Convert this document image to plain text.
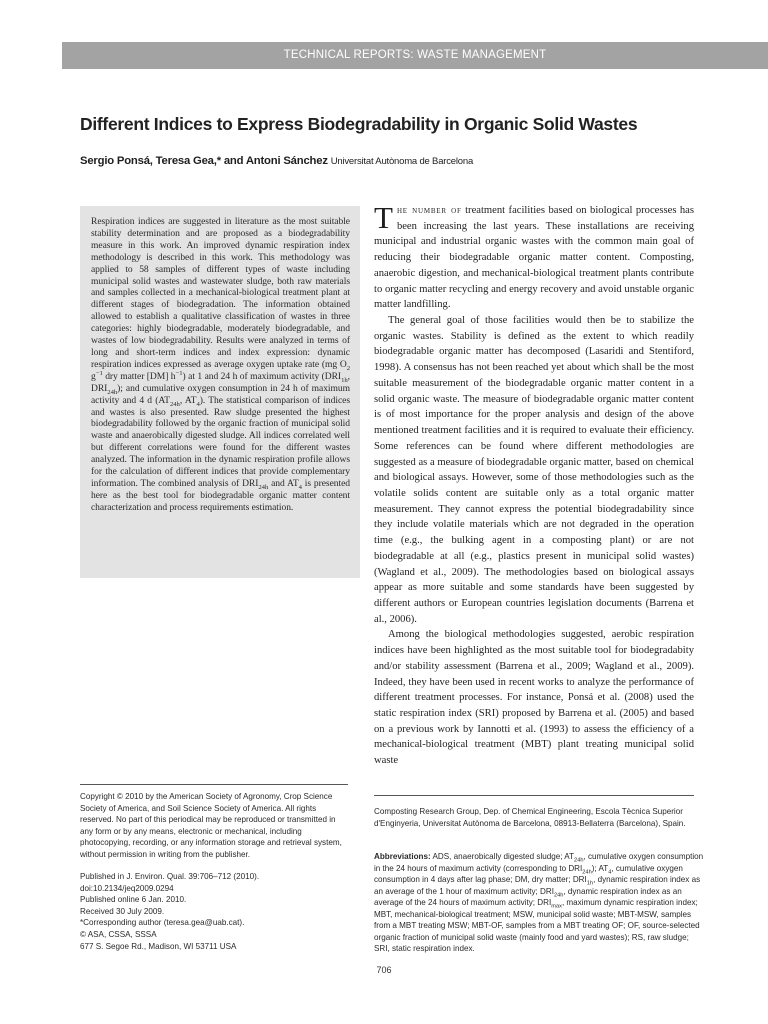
TECHNICAL REPORTS: WASTE MANAGEMENT
Different Indices to Express Biodegradability in Organic Solid Wastes
Sergio Ponsá, Teresa Gea,* and Antoni Sánchez Universitat Autònoma de Barcelona

Respiration indices are suggested in literature as the most suitable stability determination and are proposed as a biodegradability measure in this work. An improved dynamic respiration index methodology is described in this work. This methodology was applied to 58 samples of different types of waste including municipal solid wastes and wastewater sludge, both raw materials and samples collected in a mechanical-biological treatment plant at different stages of biodegradation. The information obtained allowed to establish a qualitative classification of wastes in three categories: highly biodegradable, moderately biodegradable, and wastes of low biodegradability. Results were analyzed in terms of long and short-term indices and index expression: dynamic respiration indices expressed as average oxygen uptake rate (mg $O_2$ $g^{-1}$ dry matter [DM] $h^{-1}$) at 1 and 24 h of maximum activity ($DRI_{1h}$, $DRI_{24h}$); and cumulative oxygen consumption in 24 h of maximum activity and 4 d ($AT_{24h}$, $AT_4$). The statistical comparison of indices and wastes is also presented. Raw sludge presented the highest biodegradability followed by the organic fraction of municipal solid waste and anaerobically digested sludge. All indices correlated well but different correlations were found for the different wastes analyzed. The information in the dynamic respiration profile allows for the calculation of different indices that provide complementary information. The combined analysis of $DRI_{24h}$ and $AT_4$ is presented here as the best tool for biodegradable organic matter content characterization and process requirements estimation.

The number of treatment facilities based on biological processes has been increasing the last years. These installations are receiving municipal and industrial organic wastes with the common main goal of reducing their biodegradable organic matter content. Composting, anaerobic digestion, and mechanical-biological treatment plants contribute to organic matter recycling and energy recovery and avoid unstable organic matter landfilling.

The general goal of those facilities would then be to stabilize the organic wastes. Stability is defined as the extent to which readily biodegradable organic matter has decomposed (Lasaridi and Stentiford, 1998). A consensus has not been reached yet about which shall be the most suitable measurement of the biodegradable organic matter content in a solid organic waste. The measure of biodegradable organic matter content is of most importance for the proper analysis and design of the above mentioned treatment facilities and it is required to evaluate their efficiency. Some references can be found where different methodologies are suggested as a measure of biodegradable organic matter, based on chemical and biological assays. However, some of those methodologies such as the volatile solids content are suitable only as a total organic matter measurement. They cannot express the potential biodegradability since they include volatile materials which are not degraded in the operation time (e.g., the bulking agent in a composting plant) or are not biodegradable at all (e.g., plastics present in municipal solid wastes) (Wagland et al., 2009). The methodologies based on biological assays appear as more suitable and some standards have been suggested by different authors or European countries legislation documents (Barrena et al., 2006).

Among the biological methodologies suggested, aerobic respiration indices have been highlighted as the most suitable tool for biodegradabity and/or stability assessment (Barrena et al., 2009; Wagland et al., 2009). Indeed, they have been used in recent works to analyze the performance of different treatment processes. For instance, Ponsá et al. (2008) used the static respiration index (SRI) proposed by Barrena et al. (2005) and based on a previous work by Iannotti et al. (1993) to assess the efficiency of a mechanical-biological treatment (MBT) plant treating municipal solid waste

Copyright © 2010 by the American Society of Agronomy, Crop Science Society of America, and Soil Science Society of America. All rights reserved. No part of this periodical may be reproduced or transmitted in any form or by any means, electronic or mechanical, including photocopying, recording, or any information storage and retrieval system, without permission in writing from the publisher.

Published in J. Environ. Qual. 39:706–712 (2010).
doi:10.2134/jeq2009.0294
Published online 6 Jan. 2010.
Received 30 July 2009.
*Corresponding author (teresa.gea@uab.cat).
© ASA, CSSA, SSSA
677 S. Segoe Rd., Madison, WI 53711 USA

Composting Research Group, Dep. of Chemical Engineering, Escola Tècnica Superior d'Enginyeria, Universitat Autònoma de Barcelona, 08913-Bellaterra (Barcelona), Spain.

Abbreviations: ADS, anaerobically digested sludge; $AT_{24h}$, cumulative oxygen consumption in the 24 hours of maximum activity (corresponding to $DRI_{24h}$); $AT_4$, cumulative oxygen consumption in 4 days after lag phase; DM, dry matter; $DRI_{1h}$, dynamic respiration index as an average of the 1 hour of maximum activity; $DRI_{24h}$, dynamic respiration index as an average of the 24 hours of maximum activity; $DRI_{max}$, maximum dynamic respiration index; MBT, mechanical-biological treatment; MSW, municipal solid waste; MBT-MSW, samples from a MBT treating MSW; MBT-OF, samples from a MBT treating OF; OF, source-selected organic fraction of municipal solid waste (mainly food and yard wastes); RS, raw sludge; SRI, static respiration index.

706
